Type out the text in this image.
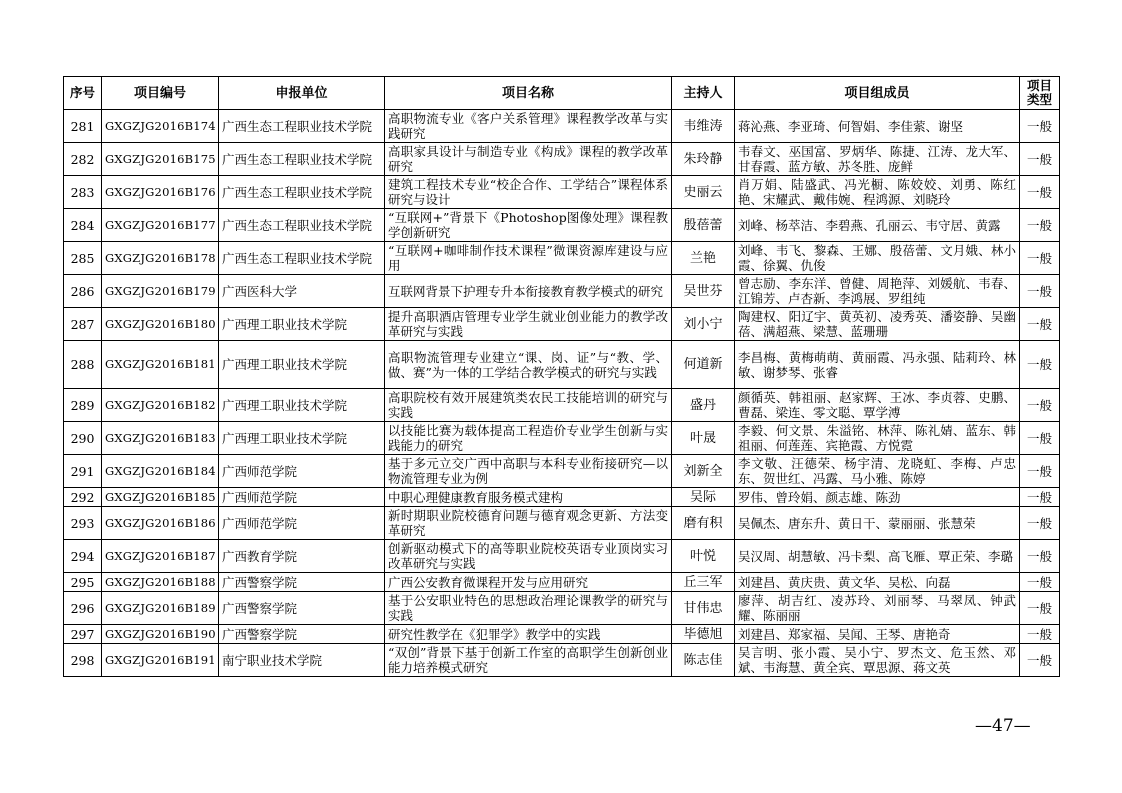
序号	项目编号	申报单位	项目名称	主持人	项目组成员	项目类型
281	GXGZJG2016B174	广西生态工程职业技术学院	高职物流专业《客户关系管理》课程教学改革与实践研究	韦维涛	蒋沁燕、李亚琦、何智娟、李佳萦、谢坚	一般
282	GXGZJG2016B175	广西生态工程职业技术学院	高职家具设计与制造专业《构成》课程的教学改革研究	朱玲静	韦春文、巫国富、罗炳华、陈捷、江涛、龙大军、甘春霞、蓝方敏、苏冬胜、庞鲜	一般
283	GXGZJG2016B176	广西生态工程职业技术学院	建筑工程技术专业“校企合作、工学结合”课程体系研究与设计	史丽云	肖万娟、陆盛武、冯光橱、陈姣姣、刘勇、陈红艳、宋耀武、戴伟婉、程鸿源、刘晓玲	一般
284	GXGZJG2016B177	广西生态工程职业技术学院	“互联网+”背景下《Photoshop图像处理》课程教学创新研究	殷蓓蕾	刘峰、杨萃洁、李碧燕、孔丽云、韦守居、黄露	一般
285	GXGZJG2016B178	广西生态工程职业技术学院	“互联网+咖啡制作技术课程”微课资源库建设与应用	兰艳	刘峰、韦飞、黎森、王娜、殷蓓蕾、文月娥、林小霞、徐翼、仇俊	一般
286	GXGZJG2016B179	广西医科大学	互联网背景下护理专升本衔接教育教学模式的研究	吴世芬	曾志励、李东洋、曾健、周艳萍、刘媛航、韦春、江锦芳、卢杏新、李鸿展、罗组纯	一般
287	GXGZJG2016B180	广西理工职业技术学院	提升高职酒店管理专业学生就业创业能力的教学改革研究与实践	刘小宁	陶建权、阳辽宇、黄英初、凌秀英、潘姿静、吴幽蓓、满超燕、梁慧、蓝珊珊	一般
288	GXGZJG2016B181	广西理工职业技术学院	高职物流管理专业建立“课、岗、证”与“教、学、做、赛”为一体的工学结合教学模式的研究与实践	何道新	李昌梅、黄梅萌萌、黄丽霞、冯永强、陆莉玲、林敏、谢梦琴、张睿	一般
289	GXGZJG2016B182	广西理工职业技术学院	高职院校有效开展建筑类农民工技能培训的研究与实践	盛丹	颜循英、韩祖丽、赵家辉、王冰、李贞蓉、史鹏、曹磊、梁连、零文聪、覃学溥	一般
290	GXGZJG2016B183	广西理工职业技术学院	以技能比赛为载体提高工程造价专业学生创新与实践能力的研究	叶晟	李毅、何文景、朱溢铭、林萍、陈礼婧、蓝东、韩祖丽、何莲莲、宾艳霞、方悦霓	一般
291	GXGZJG2016B184	广西师范学院	基于多元立交广西中高职与本科专业衔接研究—以物流管理专业为例	刘新全	李文敬、汪德荣、杨宇清、龙晓虹、李梅、卢忠东、贺世红、冯露、马小雅、陈婷	一般
292	GXGZJG2016B185	广西师范学院	中职心理健康教育服务模式建构	吴际	罗伟、曾玲娟、颜志雄、陈劲	一般
293	GXGZJG2016B186	广西师范学院	新时期职业院校德育问题与德育观念更新、方法变革研究	磨有积	吴佩杰、唐东升、黄日干、蒙丽丽、张慧荣	一般
294	GXGZJG2016B187	广西教育学院	创新驱动模式下的高等职业院校英语专业顶岗实习改革研究与实践	叶悦	吴汉周、胡慧敏、冯卡梨、高飞雁、覃正荣、李璐	一般
295	GXGZJG2016B188	广西警察学院	广西公安教育微课程开发与应用研究	丘三军	刘建昌、黄庆贵、黄文华、吴松、向磊	一般
296	GXGZJG2016B189	广西警察学院	基于公安职业特色的思想政治理论课教学的研究与实践	甘伟忠	廖萍、胡吉红、凌苏玲、刘丽琴、马翠凤、钟武耀、陈丽丽	一般
297	GXGZJG2016B190	广西警察学院	研究性教学在《犯罪学》教学中的实践	毕德旭	刘建昌、郑家福、吴闻、王琴、唐艳奇	一般
298	GXGZJG2016B191	南宁职业技术学院	“双创”背景下基于创新工作室的高职学生创新创业能力培养模式研究	陈志佳	吴言明、张小霞、吴小宁、罗杰文、危玉然、邓斌、韦海慧、黄全宾、覃思源、蒋文英	一般
—47—
